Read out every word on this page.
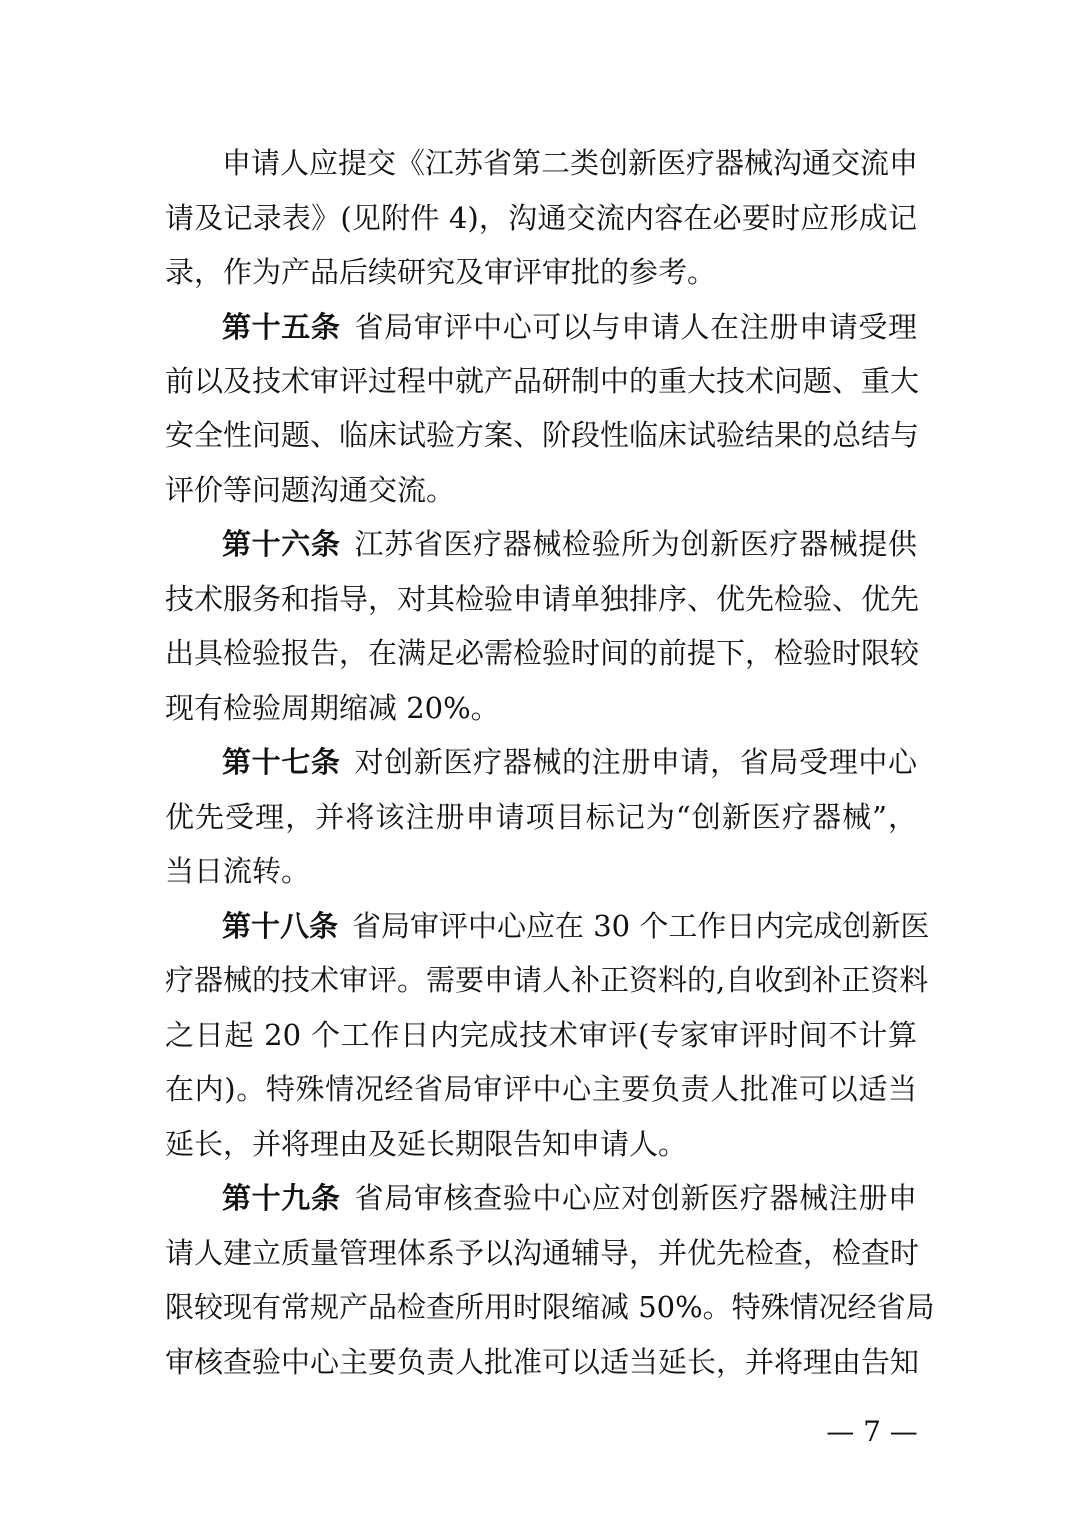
申请人应提交《江苏省第二类创新医疗器械沟通交流申
请及记录表》(见附件 4)，沟通交流内容在必要时应形成记
录，作为产品后续研究及审评审批的参考。
第十五条 省局审评中心可以与申请人在注册申请受理
前以及技术审评过程中就产品研制中的重大技术问题、重大
安全性问题、临床试验方案、阶段性临床试验结果的总结与
评价等问题沟通交流。
第十六条 江苏省医疗器械检验所为创新医疗器械提供
技术服务和指导，对其检验申请单独排序、优先检验、优先
出具检验报告，在满足必需检验时间的前提下，检验时限较
现有检验周期缩减 20%。
第十七条 对创新医疗器械的注册申请，省局受理中心
优先受理，并将该注册申请项目标记为“创新医疗器械”，
当日流转。
第十八条 省局审评中心应在 30 个工作日内完成创新医
疗器械的技术审评。需要申请人补正资料的,自收到补正资料
之日起 20 个工作日内完成技术审评(专家审评时间不计算
在内)。特殊情况经省局审评中心主要负责人批准可以适当
延长，并将理由及延长期限告知申请人。
第十九条 省局审核查验中心应对创新医疗器械注册申
请人建立质量管理体系予以沟通辅导，并优先检查，检查时
限较现有常规产品检查所用时限缩减 50%。特殊情况经省局
审核查验中心主要负责人批准可以适当延长，并将理由告知
— 7 —
